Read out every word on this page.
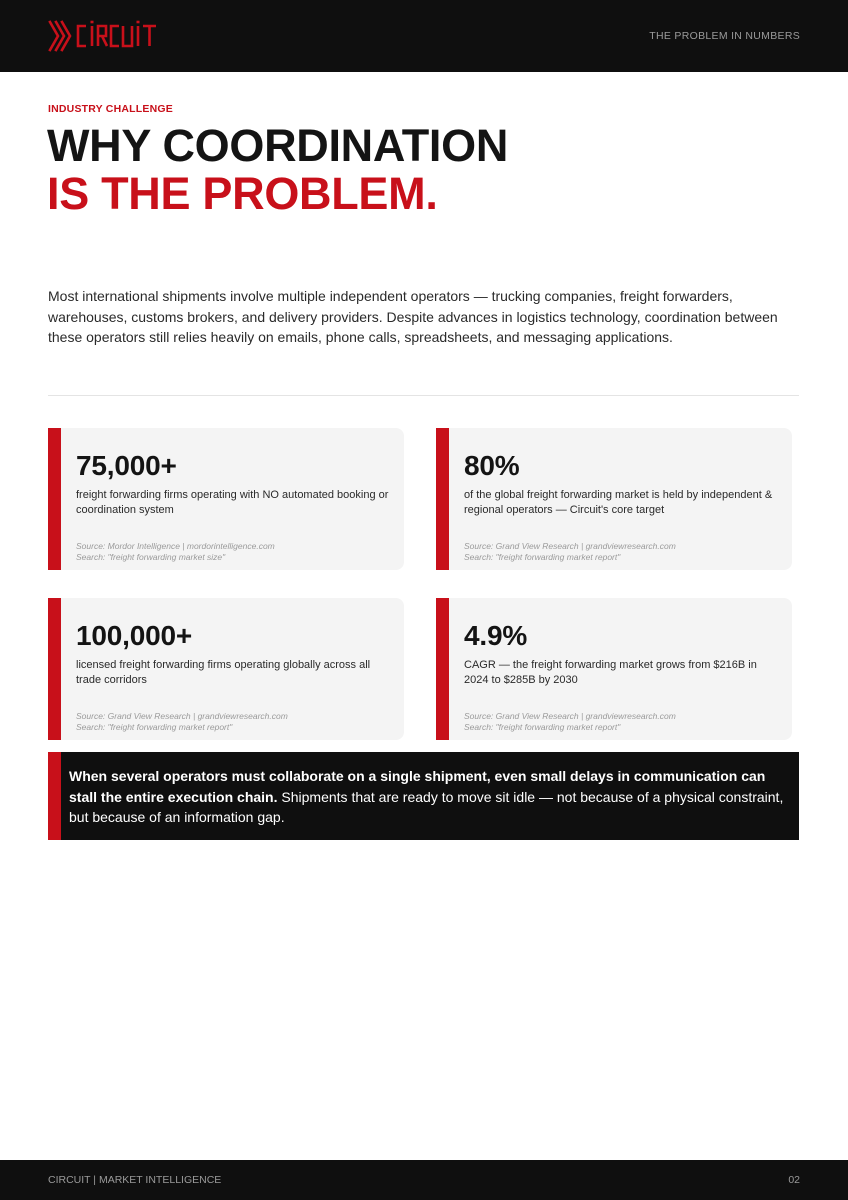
THE PROBLEM IN NUMBERS
INDUSTRY CHALLENGE
WHY COORDINATION
IS THE PROBLEM.

Most international shipments involve multiple independent operators — trucking companies, freight forwarders, warehouses, customs brokers, and delivery providers. Despite advances in logistics technology, coordination between these operators still relies heavily on emails, phone calls, spreadsheets, and messaging applications.

75,000+
freight forwarding firms operating with NO automated booking or coordination system
Source: Mordor Intelligence | mordorintelligence.com
Search: "freight forwarding market size"
80%
of the global freight forwarding market is held by independent & regional operators — Circuit's core target
Source: Grand View Research | grandviewresearch.com
Search: "freight forwarding market report"
100,000+
licensed freight forwarding firms operating globally across all trade corridors
Source: Grand View Research | grandviewresearch.com
Search: "freight forwarding market report"
4.9%
CAGR — the freight forwarding market grows from $216B in 2024 to $285B by 2030
Source: Grand View Research | grandviewresearch.com
Search: "freight forwarding market report"

When several operators must collaborate on a single shipment, even small delays in communication can stall the entire execution chain. Shipments that are ready to move sit idle — not because of a physical constraint, but because of an information gap.

CIRCUIT | MARKET INTELLIGENCE	02
